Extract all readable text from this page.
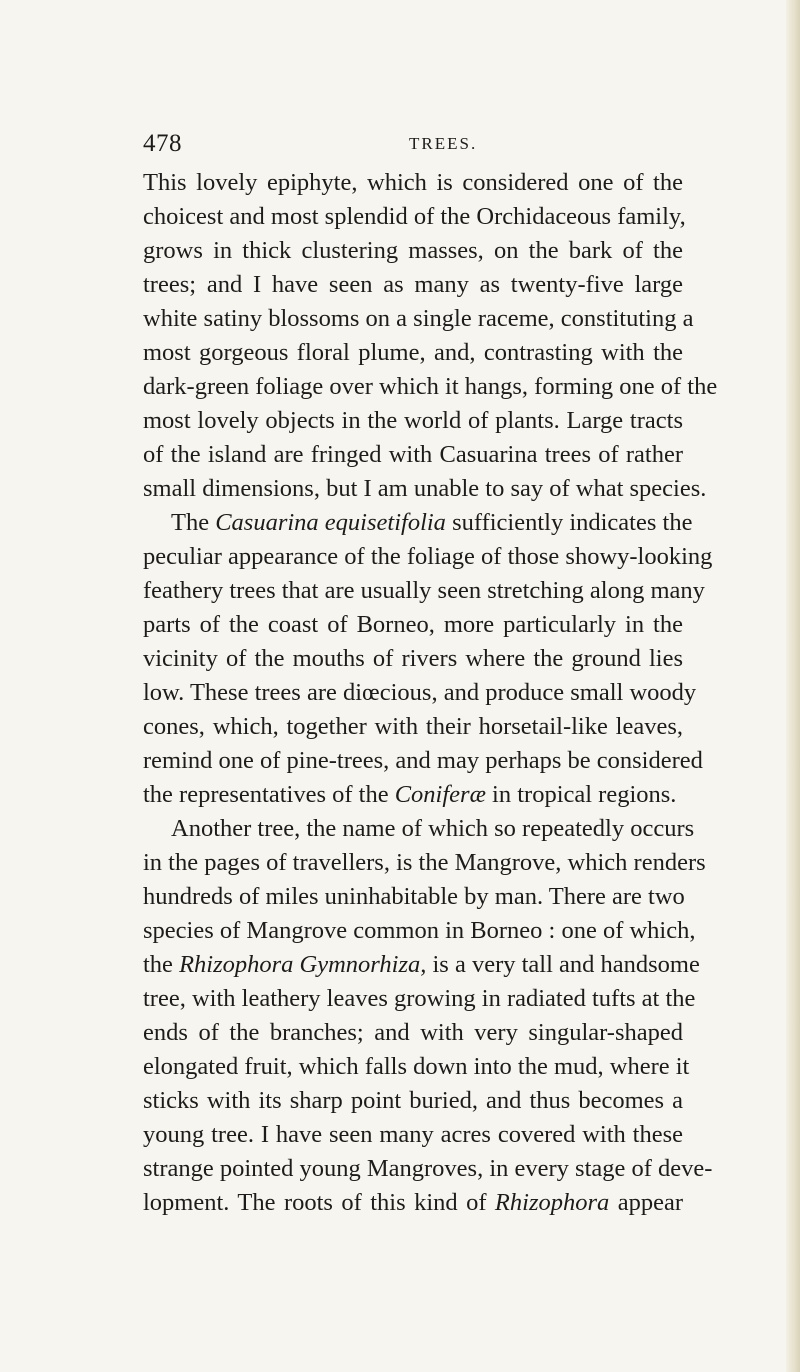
478	TREES.
This lovely epiphyte, which is considered one of the
choicest and most splendid of the Orchidaceous family,
grows in thick clustering masses, on the bark of the
trees; and I have seen as many as twenty-five large
white satiny blossoms on a single raceme, constituting a
most gorgeous floral plume, and, contrasting with the
dark-green foliage over which it hangs, forming one of the
most lovely objects in the world of plants. Large tracts
of the island are fringed with Casuarina trees of rather
small dimensions, but I am unable to say of what species.
The Casuarina equisetifolia sufficiently indicates the
peculiar appearance of the foliage of those showy-looking
feathery trees that are usually seen stretching along many
parts of the coast of Borneo, more particularly in the
vicinity of the mouths of rivers where the ground lies
low. These trees are diœcious, and produce small woody
cones, which, together with their horsetail-like leaves,
remind one of pine-trees, and may perhaps be considered
the representatives of the Coniferæ in tropical regions.
Another tree, the name of which so repeatedly occurs
in the pages of travellers, is the Mangrove, which renders
hundreds of miles uninhabitable by man. There are two
species of Mangrove common in Borneo : one of which,
the Rhizophora Gymnorhiza, is a very tall and handsome
tree, with leathery leaves growing in radiated tufts at the
ends of the branches; and with very singular-shaped
elongated fruit, which falls down into the mud, where it
sticks with its sharp point buried, and thus becomes a
young tree. I have seen many acres covered with these
strange pointed young Mangroves, in every stage of deve-
lopment. The roots of this kind of Rhizophora appear
